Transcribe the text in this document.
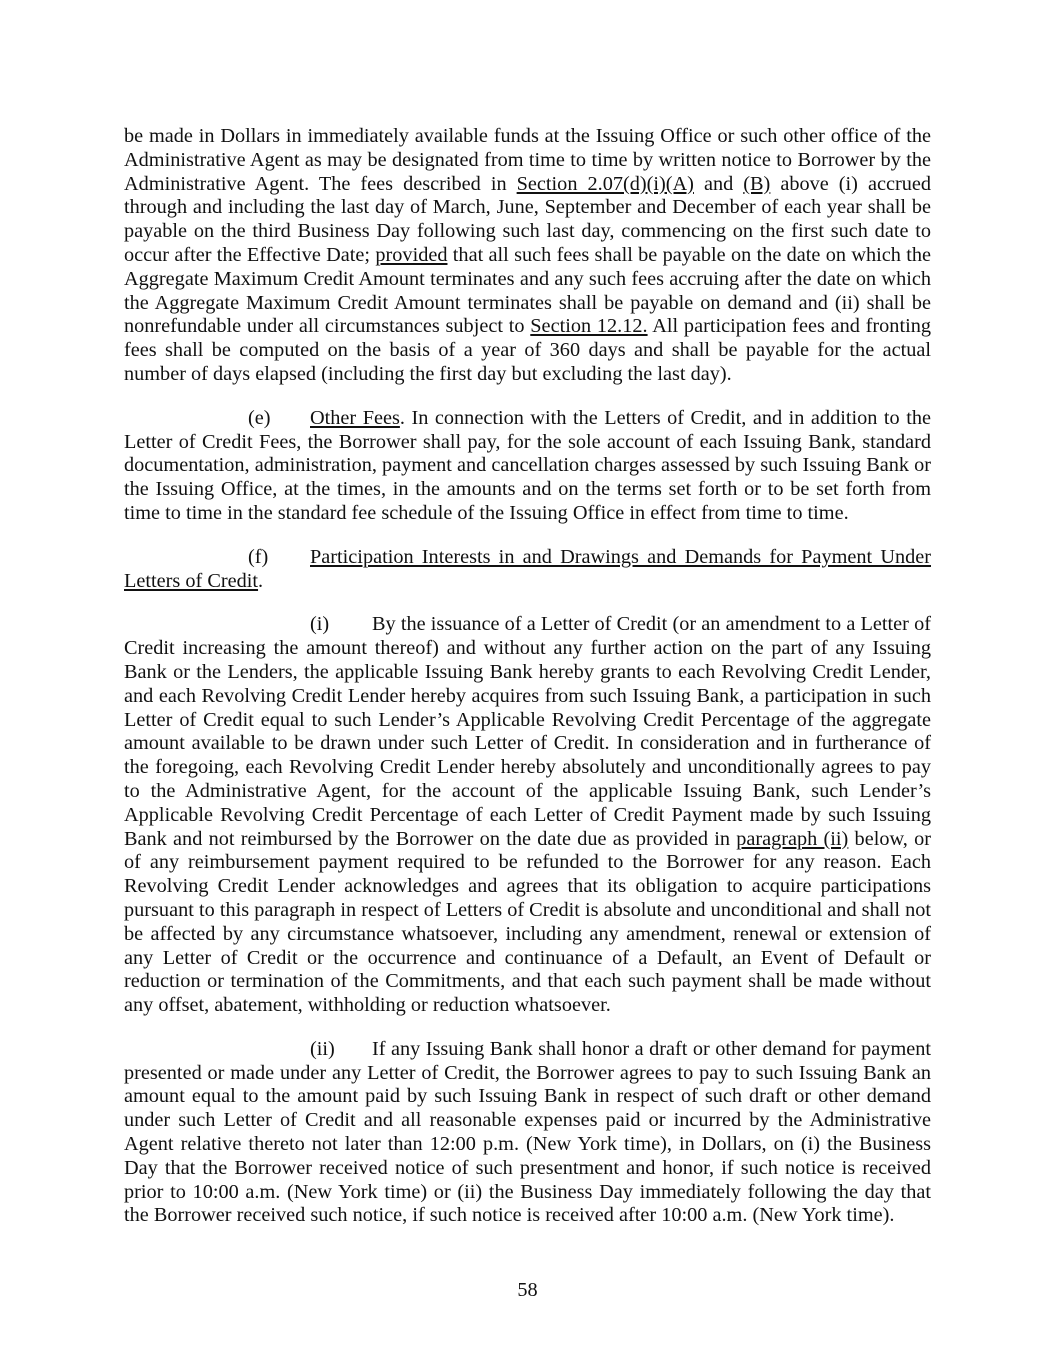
be made in Dollars in immediately available funds at the Issuing Office or such other office of the Administrative Agent as may be designated from time to time by written notice to Borrower by the Administrative Agent. The fees described in Section 2.07(d)(i)(A) and (B) above (i) accrued through and including the last day of March, June, September and December of each year shall be payable on the third Business Day following such last day, commencing on the first such date to occur after the Effective Date; provided that all such fees shall be payable on the date on which the Aggregate Maximum Credit Amount terminates and any such fees accruing after the date on which the Aggregate Maximum Credit Amount terminates shall be payable on demand and (ii) shall be nonrefundable under all circumstances subject to Section 12.12. All participation fees and fronting fees shall be computed on the basis of a year of 360 days and shall be payable for the actual number of days elapsed (including the first day but excluding the last day).

(e) Other Fees. In connection with the Letters of Credit, and in addition to the Letter of Credit Fees, the Borrower shall pay, for the sole account of each Issuing Bank, standard documentation, administration, payment and cancellation charges assessed by such Issuing Bank or the Issuing Office, at the times, in the amounts and on the terms set forth or to be set forth from time to time in the standard fee schedule of the Issuing Office in effect from time to time.

(f) Participation Interests in and Drawings and Demands for Payment Under Letters of Credit.

(i) By the issuance of a Letter of Credit (or an amendment to a Letter of Credit increasing the amount thereof) and without any further action on the part of any Issuing Bank or the Lenders, the applicable Issuing Bank hereby grants to each Revolving Credit Lender, and each Revolving Credit Lender hereby acquires from such Issuing Bank, a participation in such Letter of Credit equal to such Lender’s Applicable Revolving Credit Percentage of the aggregate amount available to be drawn under such Letter of Credit. In consideration and in furtherance of the foregoing, each Revolving Credit Lender hereby absolutely and unconditionally agrees to pay to the Administrative Agent, for the account of the applicable Issuing Bank, such Lender’s Applicable Revolving Credit Percentage of each Letter of Credit Payment made by such Issuing Bank and not reimbursed by the Borrower on the date due as provided in paragraph (ii) below, or of any reimbursement payment required to be refunded to the Borrower for any reason. Each Revolving Credit Lender acknowledges and agrees that its obligation to acquire participations pursuant to this paragraph in respect of Letters of Credit is absolute and unconditional and shall not be affected by any circumstance whatsoever, including any amendment, renewal or extension of any Letter of Credit or the occurrence and continuance of a Default, an Event of Default or reduction or termination of the Commitments, and that each such payment shall be made without any offset, abatement, withholding or reduction whatsoever.

(ii) If any Issuing Bank shall honor a draft or other demand for payment presented or made under any Letter of Credit, the Borrower agrees to pay to such Issuing Bank an amount equal to the amount paid by such Issuing Bank in respect of such draft or other demand under such Letter of Credit and all reasonable expenses paid or incurred by the Administrative Agent relative thereto not later than 12:00 p.m. (New York time), in Dollars, on (i) the Business Day that the Borrower received notice of such presentment and honor, if such notice is received prior to 10:00 a.m. (New York time) or (ii) the Business Day immediately following the day that the Borrower received such notice, if such notice is received after 10:00 a.m. (New York time).

58
